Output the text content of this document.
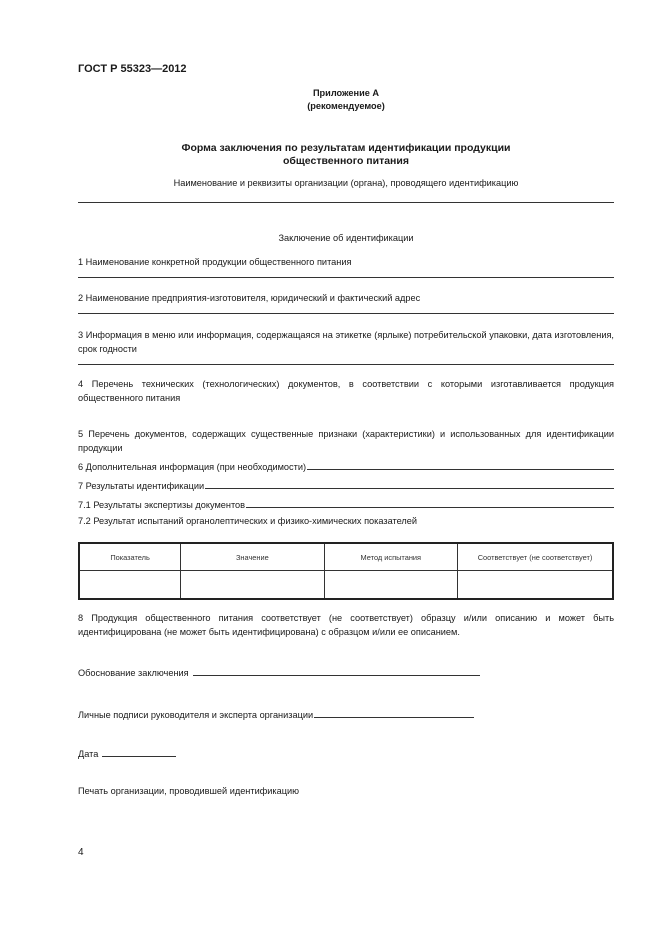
ГОСТ Р 55323—2012
Приложение А
(рекомендуемое)
Форма заключения по результатам идентификации продукции
общественного питания
Наименование и реквизиты организации (органа), проводящего идентификацию
Заключение об идентификации
1 Наименование конкретной продукции общественного питания
2 Наименование предприятия-изготовителя, юридический и фактический адрес
3 Информация в меню или информация, содержащаяся на этикетке (ярлыке) потребительской упаковки, дата изготовления, срок годности
4 Перечень технических (технологических) документов, в соответствии с которыми изготавливается продукция общественного питания
5 Перечень документов, содержащих существенные признаки (характеристики) и использованных для идентификации продукции
6 Дополнительная информация (при необходимости)
7 Результаты идентификации
7.1 Результаты экспертизы документов
7.2 Результат испытаний органолептических и физико-химических показателей
Показатель	Значение	Метод испытания	Соответствует (не соответствует)

8 Продукция общественного питания соответствует (не соответствует) образцу и/или описанию и может быть идентифицирована (не может быть идентифицирована) с образцом и/или ее описанием.
Обоснование заключения
Личные подписи руководителя и эксперта организации
Дата
Печать организации, проводившей идентификацию
4
